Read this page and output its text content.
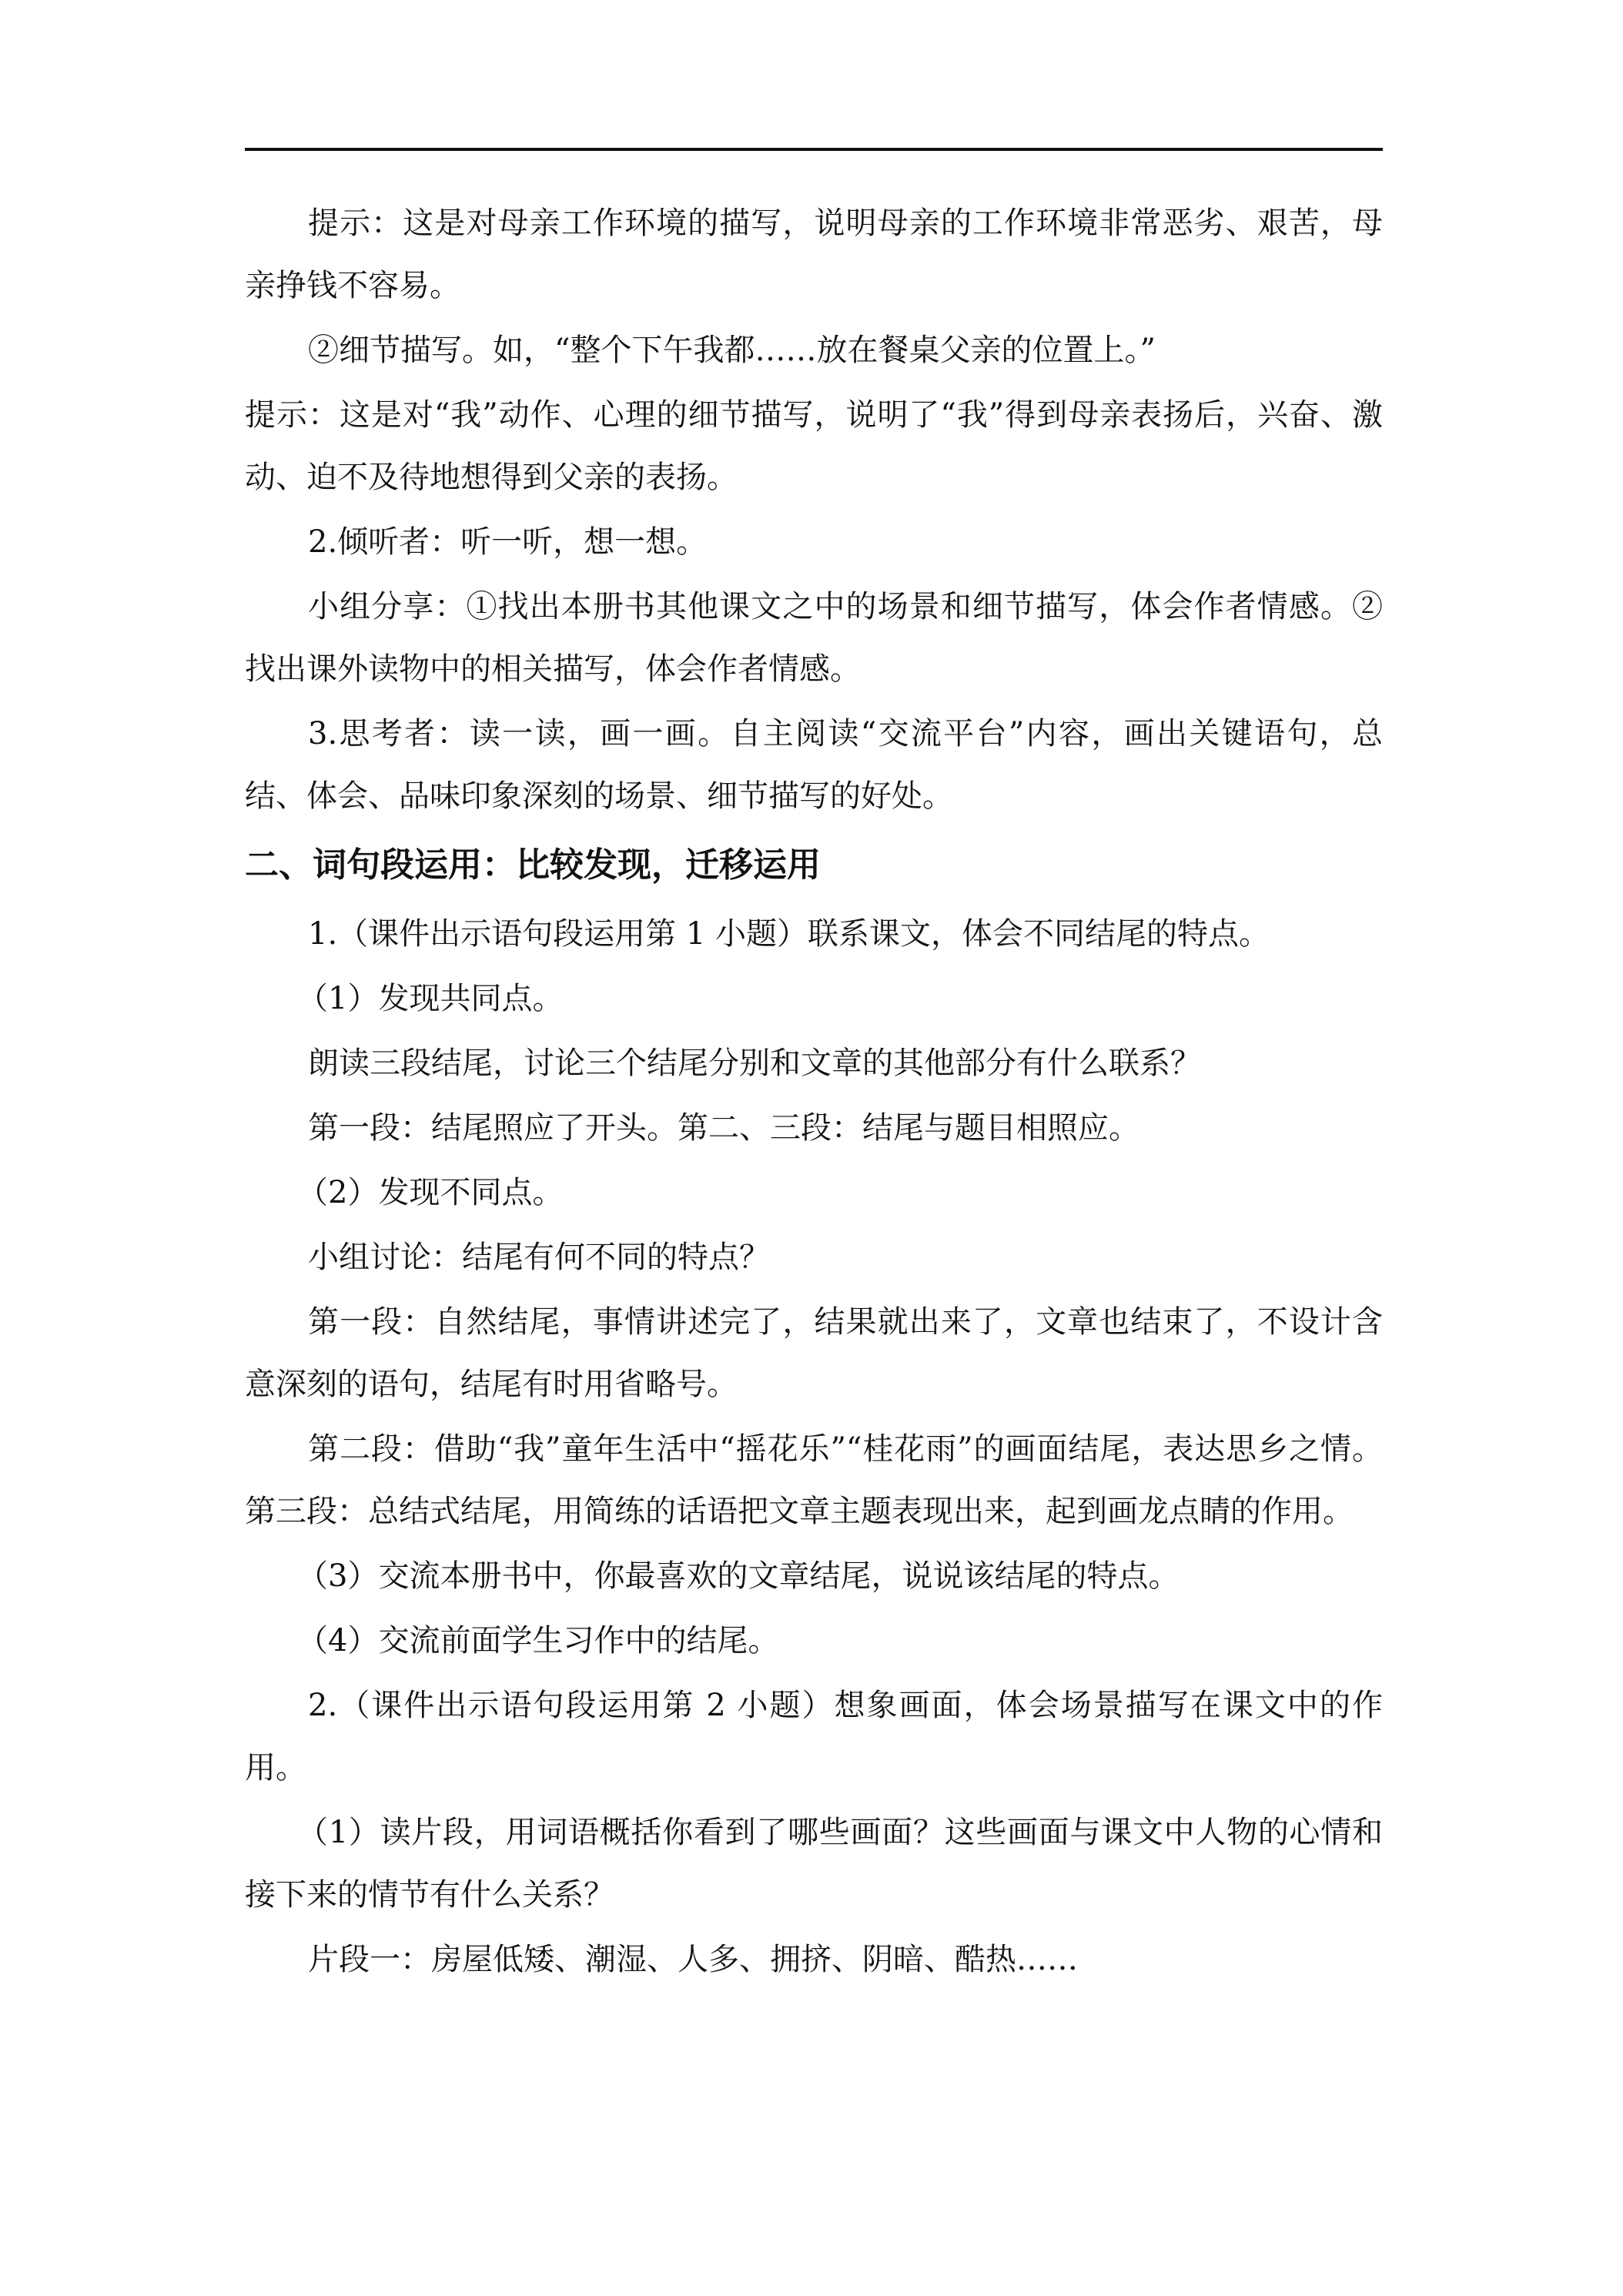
提示：这是对母亲工作环境的描写，说明母亲的工作环境非常恶劣、艰苦，母亲挣钱不容易。

②细节描写。如，“整个下午我都……放在餐桌父亲的位置上。”

提示：这是对“我”动作、心理的细节描写，说明了“我”得到母亲表扬后，兴奋、激动、迫不及待地想得到父亲的表扬。

2.倾听者：听一听，想一想。

小组分享：①找出本册书其他课文之中的场景和细节描写，体会作者情感。②找出课外读物中的相关描写，体会作者情感。

3.思考者：读一读，画一画。自主阅读“交流平台”内容，画出关键语句，总结、体会、品味印象深刻的场景、细节描写的好处。

二、词句段运用：比较发现，迁移运用

1.（课件出示语句段运用第 1 小题）联系课文，体会不同结尾的特点。

（1）发现共同点。

朗读三段结尾，讨论三个结尾分别和文章的其他部分有什么联系？

第一段：结尾照应了开头。第二、三段：结尾与题目相照应。

（2）发现不同点。

小组讨论：结尾有何不同的特点？

第一段：自然结尾，事情讲述完了，结果就出来了，文章也结束了，不设计含意深刻的语句，结尾有时用省略号。

第二段：借助“我”童年生活中“摇花乐”“桂花雨”的画面结尾，表达思乡之情。第三段：总结式结尾，用简练的话语把文章主题表现出来，起到画龙点睛的作用。

（3）交流本册书中，你最喜欢的文章结尾，说说该结尾的特点。

（4）交流前面学生习作中的结尾。

2.（课件出示语句段运用第 2 小题）想象画面，体会场景描写在课文中的作用。

（1）读片段，用词语概括你看到了哪些画面？这些画面与课文中人物的心情和接下来的情节有什么关系？

片段一：房屋低矮、潮湿、人多、拥挤、阴暗、酷热……
